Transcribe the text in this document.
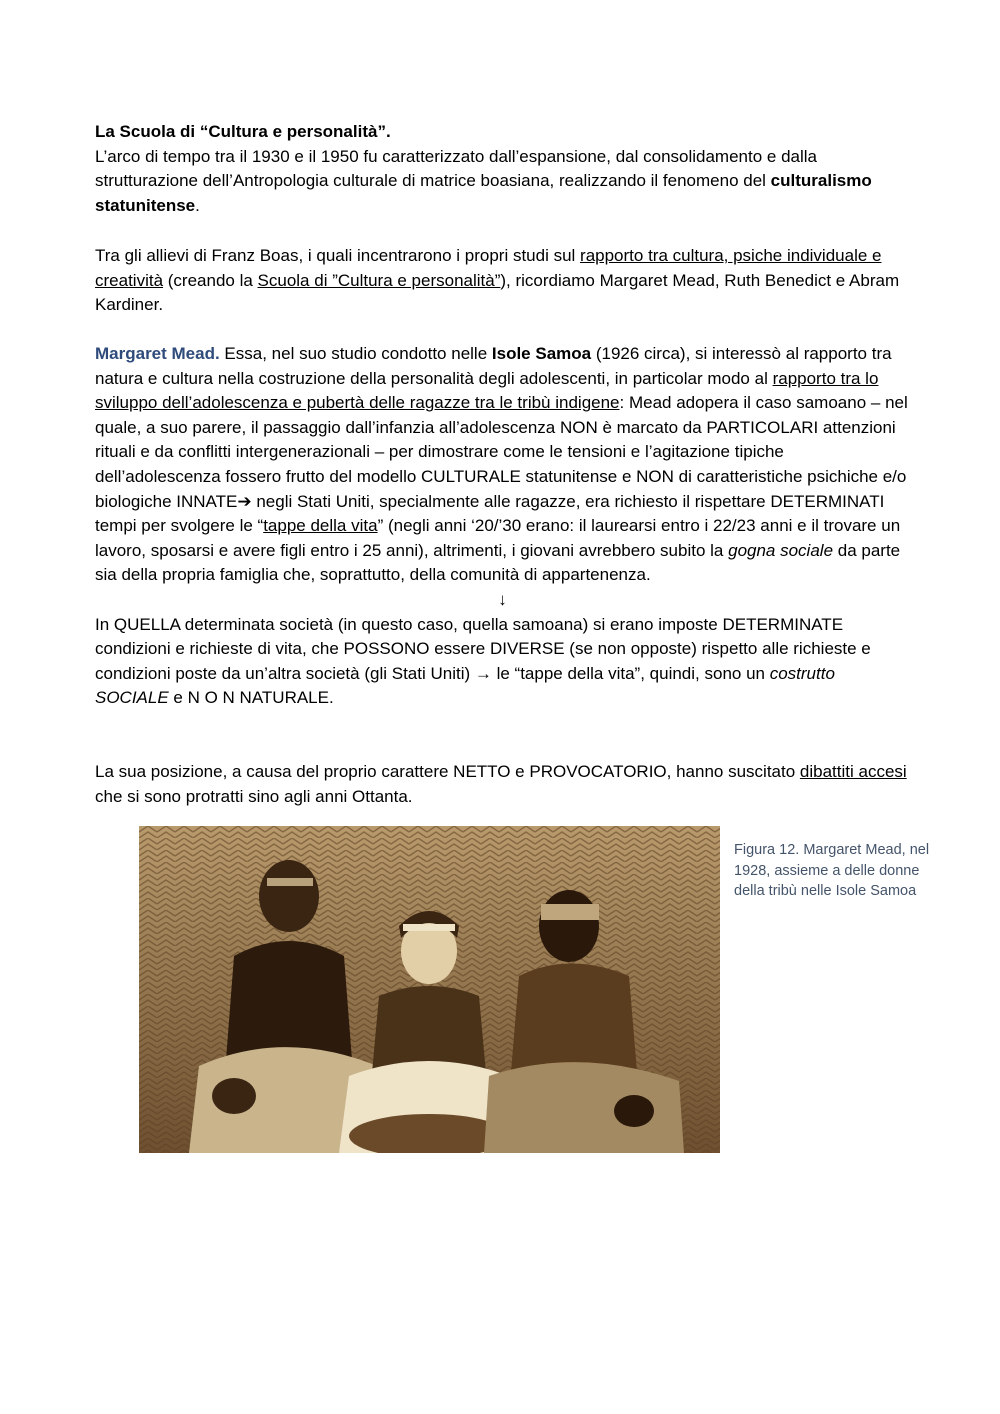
La Scuola di “Cultura e personalità”.

L’arco di tempo tra il 1930 e il 1950 fu caratterizzato dall’espansione, dal consolidamento e dalla strutturazione dell’Antropologia culturale di matrice boasiana, realizzando il fenomeno del culturalismo statunitense.

Tra gli allievi di Franz Boas, i quali incentrarono i propri studi sul rapporto tra cultura, psiche individuale e creatività (creando la Scuola di ”Cultura e personalità”), ricordiamo Margaret Mead, Ruth Benedict e Abram Kardiner.

Margaret Mead. Essa, nel suo studio condotto nelle Isole Samoa (1926 circa), si interessò al rapporto tra natura e cultura nella costruzione della personalità degli adolescenti, in particolar modo al rapporto tra lo sviluppo dell’adolescenza e pubertà delle ragazze tra le tribù indigene: Mead adopera il caso samoano – nel quale, a suo parere, il passaggio dall’infanzia all’adolescenza NON è marcato da PARTICOLARI attenzioni rituali e da conflitti intergenerazionali – per dimostrare come le tensioni e l’agitazione tipiche dell’adolescenza fossero frutto del modello CULTURALE statunitense e NON di caratteristiche psichiche e/o biologiche INNATE➔ negli Stati Uniti, specialmente alle ragazze, era richiesto il rispettare DETERMINATI tempi per svolgere le “tappe della vita” (negli anni ‘20/’30 erano: il laurearsi entro i 22/23 anni e il trovare un lavoro, sposarsi e avere figli entro i 25 anni), altrimenti, i giovani avrebbero subito la gogna sociale da parte sia della propria famiglia che, soprattutto, della comunità di appartenenza.

↓

In QUELLA determinata società (in questo caso, quella samoana) si erano imposte DETERMINATE condizioni e richieste di vita, che POSSONO essere DIVERSE (se non opposte) rispetto alle richieste e condizioni poste da un’altra società (gli Stati Uniti) → le “tappe della vita”, quindi, sono un costrutto SOCIALE e N O N NATURALE.

La sua posizione, a causa del proprio carattere NETTO e PROVOCATORIO, hanno suscitato dibattiti accesi che si sono protratti sino agli anni Ottanta.

Figura 12. Margaret Mead, nel 1928, assieme a delle donne della tribù nelle Isole Samoa
